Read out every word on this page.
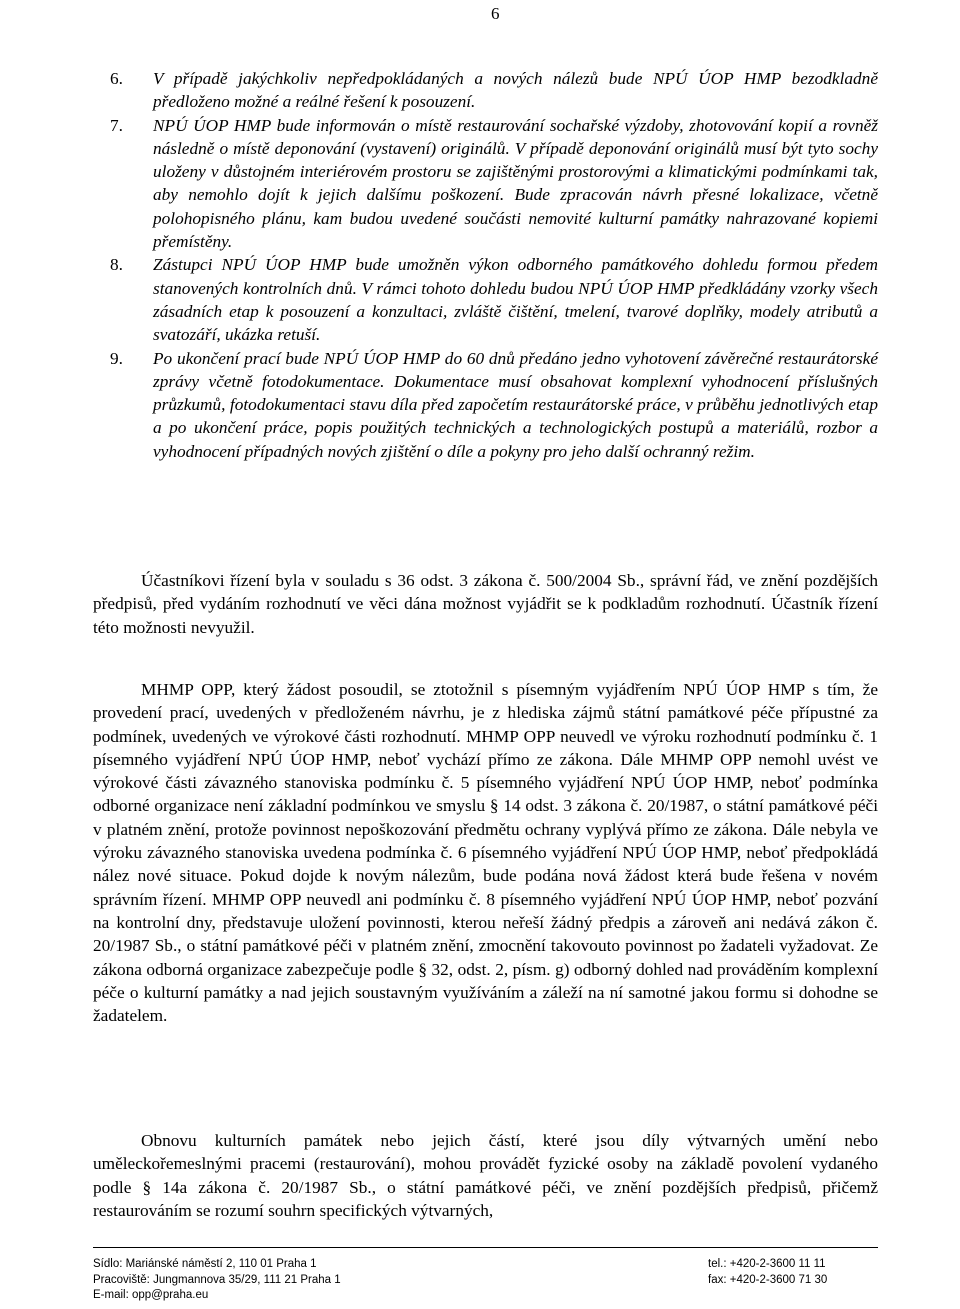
6
6.	V případě jakýchkoliv nepředpokládaných a nových nálezů bude NPÚ ÚOP HMP bezodkladně předloženo možné a reálné řešení k posouzení.
7.	NPÚ ÚOP HMP bude informován o místě restaurování sochařské výzdoby, zhotovování kopií a rovněž následně o místě deponování (vystavení) originálů. V případě deponování originálů musí být tyto sochy uloženy v důstojném interiérovém prostoru se zajištěnými prostorovými a klimatickými podmínkami tak, aby nemohlo dojít k jejich dalšímu poškození. Bude zpracován návrh přesné lokalizace, včetně polohopisného plánu, kam budou uvedené součásti nemovité kulturní památky nahrazované kopiemi přemístěny.
8.	Zástupci NPÚ ÚOP HMP bude umožněn výkon odborného památkového dohledu formou předem stanovených kontrolních dnů. V rámci tohoto dohledu budou NPÚ ÚOP HMP předkládány vzorky všech zásadních etap k posouzení a konzultaci, zvláště čištění, tmelení, tvarové doplňky, modely atributů a svatozáří, ukázka retuší.
9.	Po ukončení prací bude NPÚ ÚOP HMP do 60 dnů předáno jedno vyhotovení závěrečné restaurátorské zprávy včetně fotodokumentace. Dokumentace musí obsahovat komplexní vyhodnocení příslušných průzkumů, fotodokumentaci stavu díla před započetím restaurátorské práce, v průběhu jednotlivých etap a po ukončení práce, popis použitých technických a technologických postupů a materiálů, rozbor a vyhodnocení případných nových zjištění o díle a pokyny pro jeho další ochranný režim.

Účastníkovi řízení byla v souladu s 36 odst. 3 zákona č. 500/2004 Sb., správní řád, ve znění pozdějších předpisů, před vydáním rozhodnutí ve věci dána možnost vyjádřit se k podkladům rozhodnutí. Účastník řízení této možnosti nevyužil.

MHMP OPP, který žádost posoudil, se ztotožnil s písemným vyjádřením NPÚ ÚOP HMP s tím, že provedení prací, uvedených v předloženém návrhu, je z hlediska zájmů státní památkové péče přípustné za podmínek, uvedených ve výrokové části rozhodnutí. MHMP OPP neuvedl ve výroku rozhodnutí podmínku č. 1 písemného vyjádření NPÚ ÚOP HMP, neboť vychází přímo ze zákona. Dále MHMP OPP nemohl uvést ve výrokové části závazného stanoviska podmínku č. 5 písemného vyjádření NPÚ ÚOP HMP, neboť podmínka odborné organizace není základní podmínkou ve smyslu § 14 odst. 3 zákona č. 20/1987, o státní památkové péči v platném znění, protože povinnost nepoškozování předmětu ochrany vyplývá přímo ze zákona. Dále nebyla ve výroku závazného stanoviska uvedena podmínka č. 6 písemného vyjádření NPÚ ÚOP HMP, neboť předpokládá nález nové situace. Pokud dojde k novým nálezům, bude podána nová žádost která bude řešena v novém správním řízení. MHMP OPP neuvedl ani podmínku č. 8 písemného vyjádření NPÚ ÚOP HMP, neboť pozvání na kontrolní dny, představuje uložení povinnosti, kterou neřeší žádný předpis a zároveň ani nedává zákon č. 20/1987 Sb., o státní památkové péči v platném znění, zmocnění takovouto povinnost po žadateli vyžadovat. Ze zákona odborná organizace zabezpečuje podle § 32, odst. 2, písm. g) odborný dohled nad prováděním komplexní péče o kulturní památky a nad jejich soustavným využíváním a záleží na ní samotné jakou formu si dohodne se žadatelem.

Obnovu kulturních památek nebo jejich částí, které jsou díly výtvarných umění nebo uměleckořemeslnými pracemi (restaurování), mohou provádět fyzické osoby na základě povolení vydaného podle § 14a zákona č. 20/1987 Sb., o státní památkové péči, ve znění pozdějších předpisů, přičemž restaurováním se rozumí souhrn specifických výtvarných,

Sídlo: Mariánské náměstí 2, 110 01 Praha 1	tel.: +420-2-3600 11 11
Pracoviště: Jungmannova 35/29, 111 21 Praha 1	fax: +420-2-3600 71 30
E-mail: opp@praha.eu
